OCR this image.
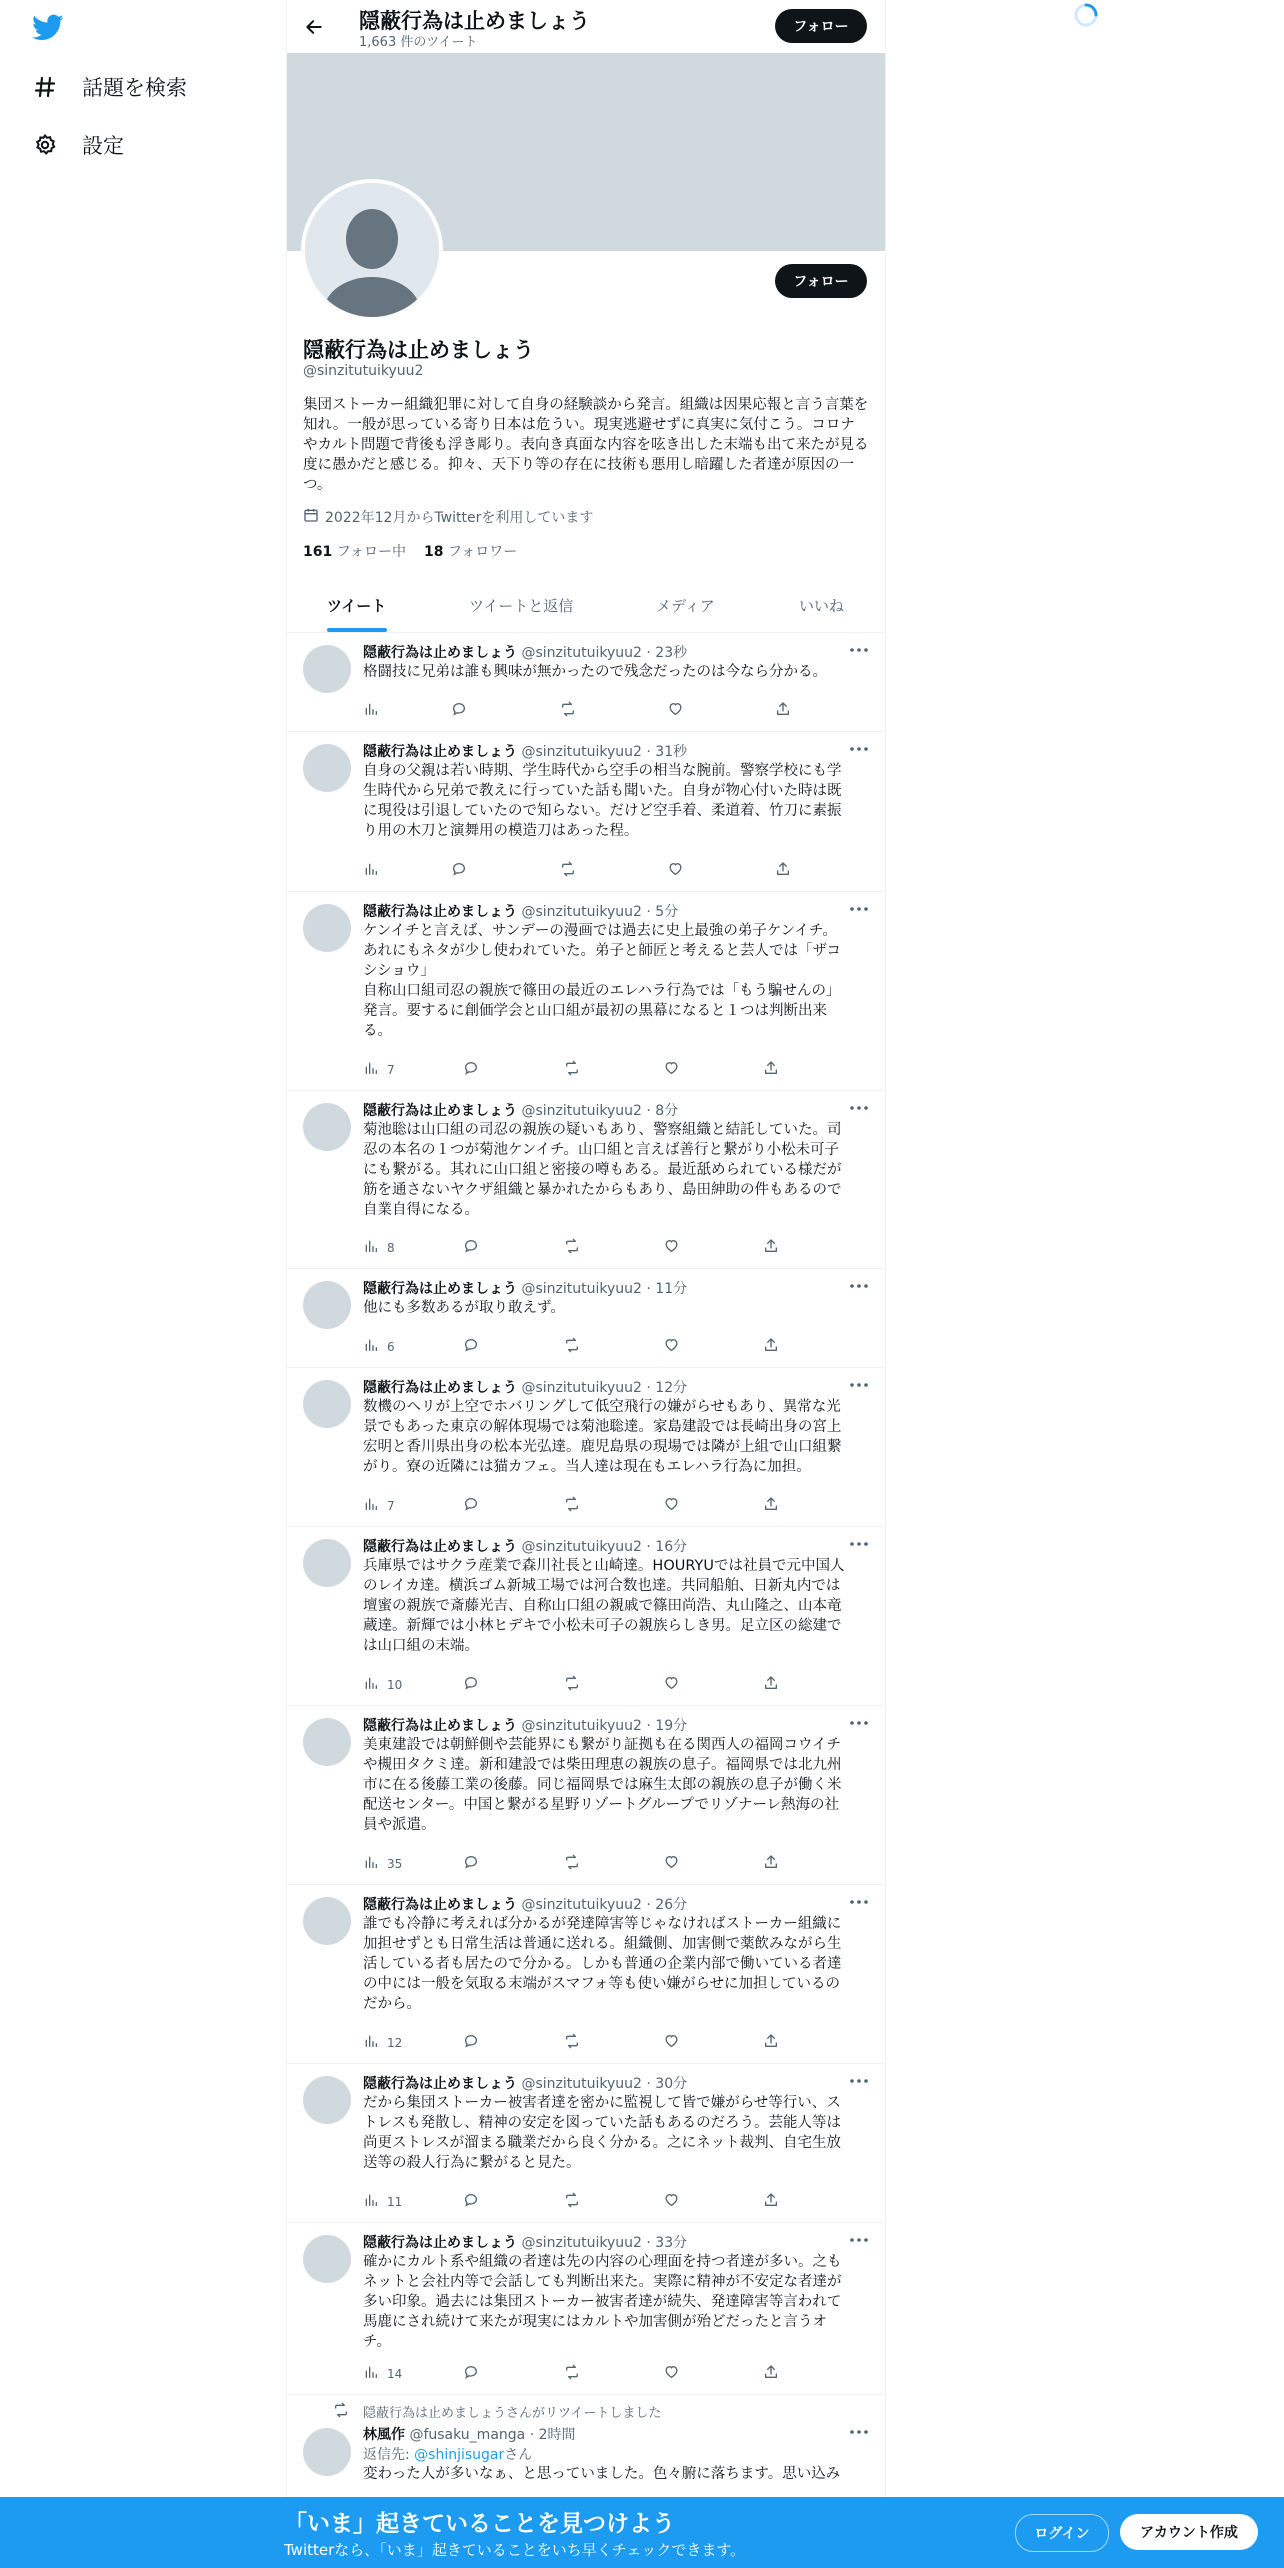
話題を検索
設定
隠蔽行為は止めましょう
1,663 件のツイート
フォロー
フォロー
隠蔽行為は止めましょう
@sinzitutuikyuu2
集団ストーカー組織犯罪に対して自身の経験談から発言。組織は因果応報と言う言葉を知れ。一般が思っている寄り日本は危うい。現実逃避せずに真実に気付こう。コロナやカルト問題で背後も浮き彫り。表向き真面な内容を呟き出した末端も出て来たが見る度に愚かだと感じる。抑々、天下り等の存在に技術も悪用し暗躍した者達が原因の一つ。
2022年12月からTwitterを利用しています
161 フォロー中 18 フォロワー
ツイート	ツイートと返信	メディア	いいね
隠蔽行為は止めましょう @sinzitutuikyuu2 · 23秒
格闘技に兄弟は誰も興味が無かったので残念だったのは今なら分かる。
隠蔽行為は止めましょう @sinzitutuikyuu2 · 31秒
自身の父親は若い時期、学生時代から空手の相当な腕前。警察学校にも学
生時代から兄弟で教えに行っていた話も聞いた。自身が物心付いた時は既
に現役は引退していたので知らない。だけど空手着、柔道着、竹刀に素振
り用の木刀と演舞用の模造刀はあった程。
隠蔽行為は止めましょう @sinzitutuikyuu2 · 5分
ケンイチと言えば、サンデーの漫画では過去に史上最強の弟子ケンイチ。
あれにもネタが少し使われていた。弟子と師匠と考えると芸人では「ザコ
シショウ」
自称山口組司忍の親族で篠田の最近のエレハラ行為では「もう騙せんの」
発言。要するに創価学会と山口組が最初の黒幕になると１つは判断出来
る。
7
隠蔽行為は止めましょう @sinzitutuikyuu2 · 8分
菊池聡は山口組の司忍の親族の疑いもあり、警察組織と結託していた。司
忍の本名の１つが菊池ケンイチ。山口組と言えば善行と繋がり小松未可子
にも繋がる。其れに山口組と密接の噂もある。最近舐められている様だが
筋を通さないヤクザ組織と暴かれたからもあり、島田紳助の件もあるので
自業自得になる。
8
隠蔽行為は止めましょう @sinzitutuikyuu2 · 11分
他にも多数あるが取り敢えず。
6
隠蔽行為は止めましょう @sinzitutuikyuu2 · 12分
数機のヘリが上空でホバリングして低空飛行の嫌がらせもあり、異常な光
景でもあった東京の解体現場では菊池聡達。家島建設では長崎出身の宮上
宏明と香川県出身の松本光弘達。鹿児島県の現場では隣が上組で山口組繋
がり。寮の近隣には猫カフェ。当人達は現在もエレハラ行為に加担。
7
隠蔽行為は止めましょう @sinzitutuikyuu2 · 16分
兵庫県ではサクラ産業で森川社長と山崎達。HOURYUでは社員で元中国人
のレイカ達。横浜ゴム新城工場では河合数也達。共同船舶、日新丸内では
壇蜜の親族で斎藤光吉、自称山口組の親戚で篠田尚浩、丸山隆之、山本竜
蔵達。新輝では小林ヒデキで小松未可子の親族らしき男。足立区の総建で
は山口組の末端。
10
隠蔽行為は止めましょう @sinzitutuikyuu2 · 19分
美東建設では朝鮮側や芸能界にも繋がり証拠も在る関西人の福岡コウイチ
や槻田タクミ達。新和建設では柴田理恵の親族の息子。福岡県では北九州
市に在る後藤工業の後藤。同じ福岡県では麻生太郎の親族の息子が働く米
配送センター。中国と繋がる星野リゾートグループでリゾナーレ熱海の社
員や派遣。
35
隠蔽行為は止めましょう @sinzitutuikyuu2 · 26分
誰でも冷静に考えれば分かるが発達障害等じゃなければストーカー組織に
加担せずとも日常生活は普通に送れる。組織側、加害側で薬飲みながら生
活している者も居たので分かる。しかも普通の企業内部で働いている者達
の中には一般を気取る末端がスマフォ等も使い嫌がらせに加担しているの
だから。
12
隠蔽行為は止めましょう @sinzitutuikyuu2 · 30分
だから集団ストーカー被害者達を密かに監視して皆で嫌がらせ等行い、ス
トレスも発散し、精神の安定を図っていた話もあるのだろう。芸能人等は
尚更ストレスが溜まる職業だから良く分かる。之にネット裁判、自宅生放
送等の殺人行為に繋がると見た。
11
隠蔽行為は止めましょう @sinzitutuikyuu2 · 33分
確かにカルト系や組織の者達は先の内容の心理面を持つ者達が多い。之も
ネットと会社内等で会話しても判断出来た。実際に精神が不安定な者達が
多い印象。過去には集団ストーカー被害者達が続失、発達障害等言われて
馬鹿にされ続けて来たが現実にはカルトや加害側が殆どだったと言うオ
チ。
14
隠蔽行為は止めましょうさんがリツイートしました
林風作 @fusaku_manga · 2時間
返信先: @shinjisugarさん
変わった人が多いなぁ、と思っていました。色々腑に落ちます。思い込み
「いま」起きていることを見つけよう
Twitterなら、「いま」起きていることをいち早くチェックできます。
ログイン	アカウント作成
